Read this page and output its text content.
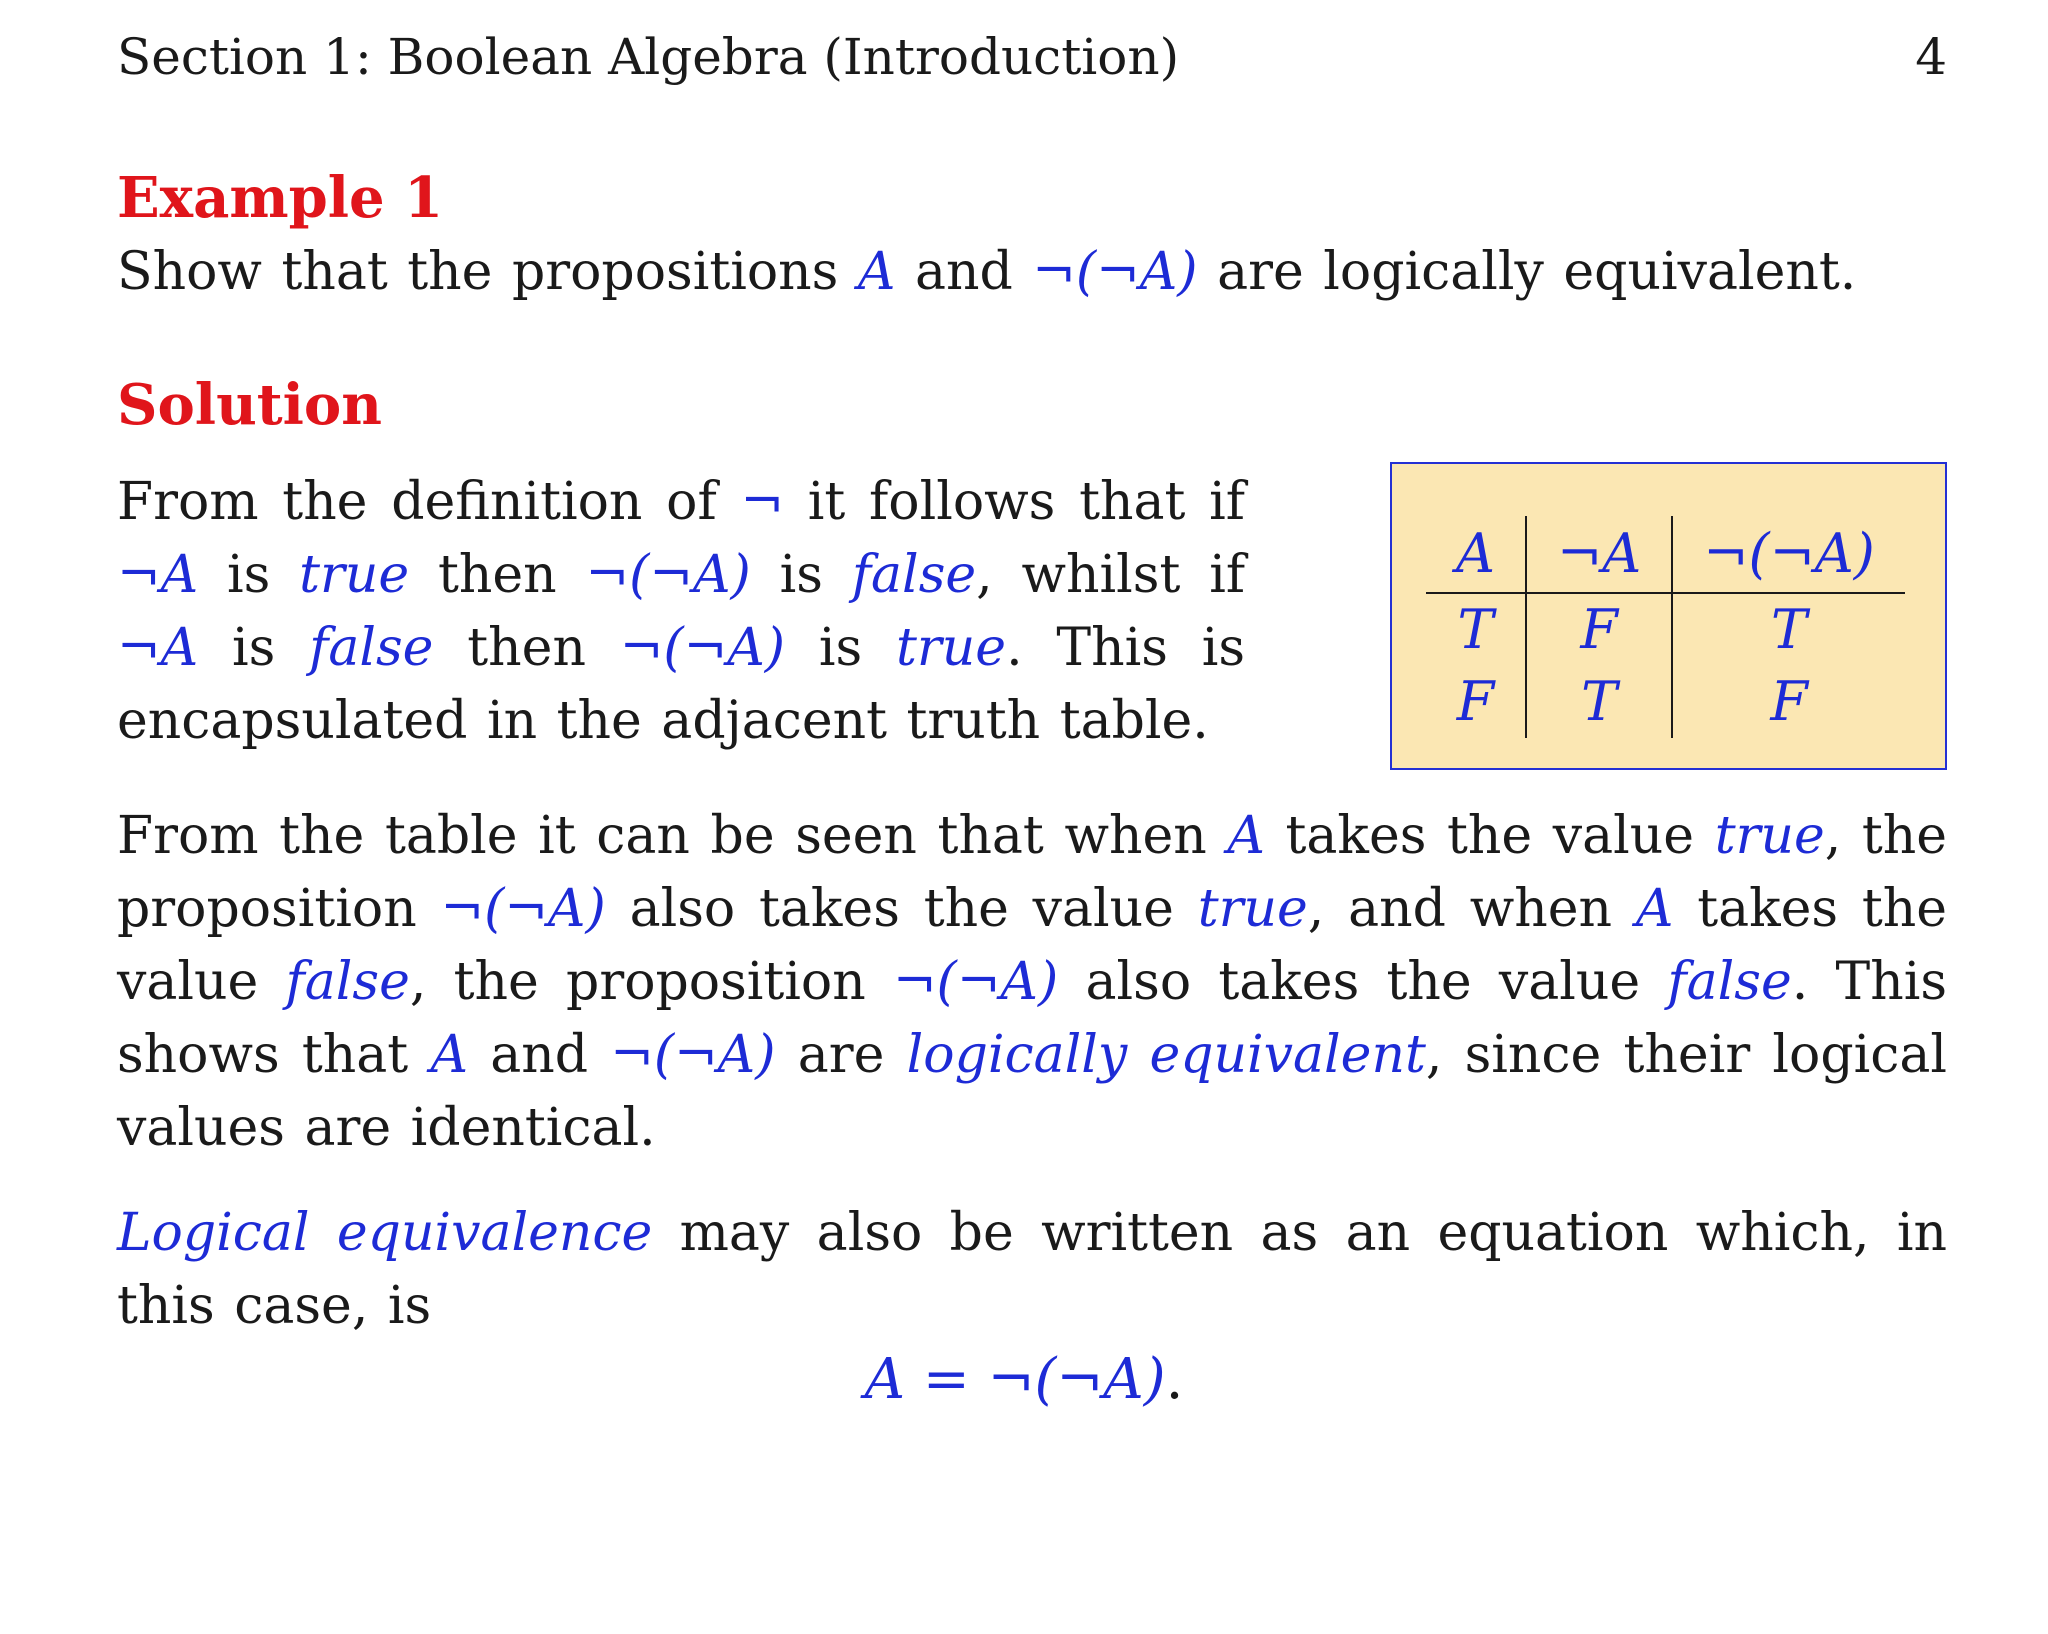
Section 1: Boolean Algebra (Introduction)	4
Example 1

Show that the propositions A and ¬(¬A) are logically equivalent.

Solution

From the definition of ¬ it follows that if ¬A is true then ¬(¬A) is false, whilst if ¬A is false then ¬(¬A) is true. This is encapsulated in the adjacent truth table.

A	¬A	¬(¬A)
T	F	T
F	T	F

From the table it can be seen that when A takes the value true, the proposition ¬(¬A) also takes the value true, and when A takes the value false, the proposition ¬(¬A) also takes the value false. This shows that A and ¬(¬A) are logically equivalent, since their logical values are identical.

Logical equivalence may also be written as an equation which, in this case, is

A = ¬(¬A).
